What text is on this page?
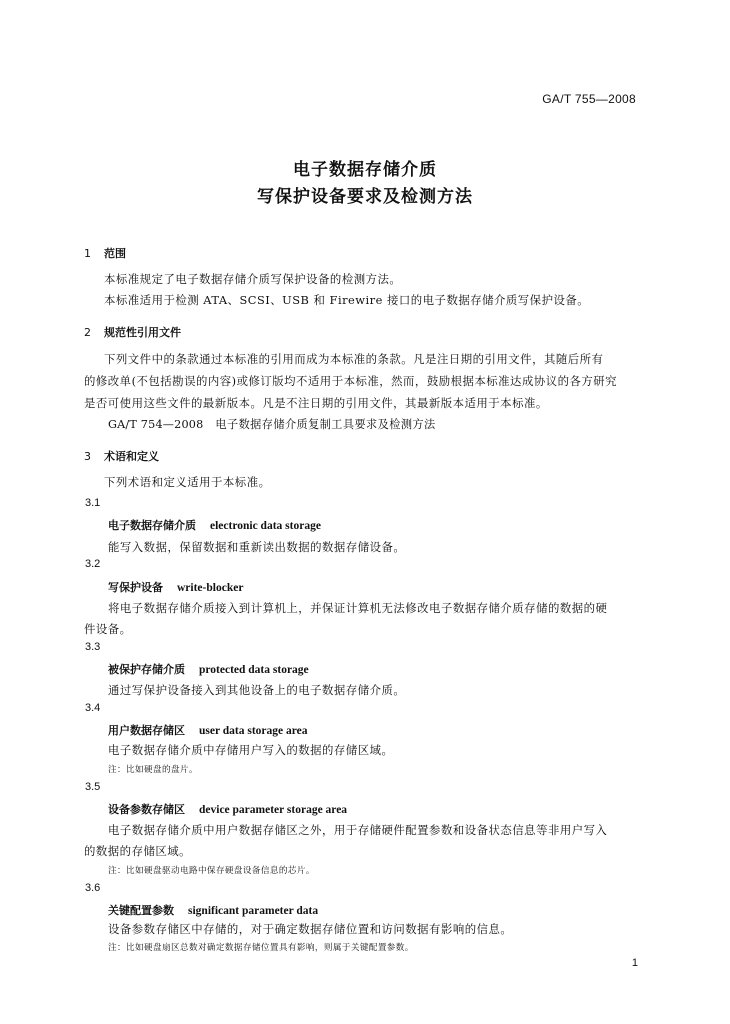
GA/T 755—2008
电子数据存储介质
写保护设备要求及检测方法
1 范围
本标准规定了电子数据存储介质写保护设备的检测方法。
本标准适用于检测 ATA、SCSI、USB 和 Firewire 接口的电子数据存储介质写保护设备。
2 规范性引用文件
下列文件中的条款通过本标准的引用而成为本标准的条款。凡是注日期的引用文件，其随后所有
的修改单(不包括勘误的内容)或修订版均不适用于本标准，然而，鼓励根据本标准达成协议的各方研究
是否可使用这些文件的最新版本。凡是不注日期的引用文件，其最新版本适用于本标准。
GA/T 754—2008 电子数据存储介质复制工具要求及检测方法
3 术语和定义
下列术语和定义适用于本标准。
3.1
电子数据存储介质 electronic data storage
能写入数据，保留数据和重新读出数据的数据存储设备。
3.2
写保护设备 write-blocker
将电子数据存储介质接入到计算机上，并保证计算机无法修改电子数据存储介质存储的数据的硬
件设备。
3.3
被保护存储介质 protected data storage
通过写保护设备接入到其他设备上的电子数据存储介质。
3.4
用户数据存储区 user data storage area
电子数据存储介质中存储用户写入的数据的存储区域。
注：比如硬盘的盘片。
3.5
设备参数存储区 device parameter storage area
电子数据存储介质中用户数据存储区之外，用于存储硬件配置参数和设备状态信息等非用户写入
的数据的存储区域。
注：比如硬盘驱动电路中保存硬盘设备信息的芯片。
3.6
关键配置参数 significant parameter data
设备参数存储区中存储的，对于确定数据存储位置和访问数据有影响的信息。
注：比如硬盘扇区总数对确定数据存储位置具有影响，则属于关键配置参数。
1
